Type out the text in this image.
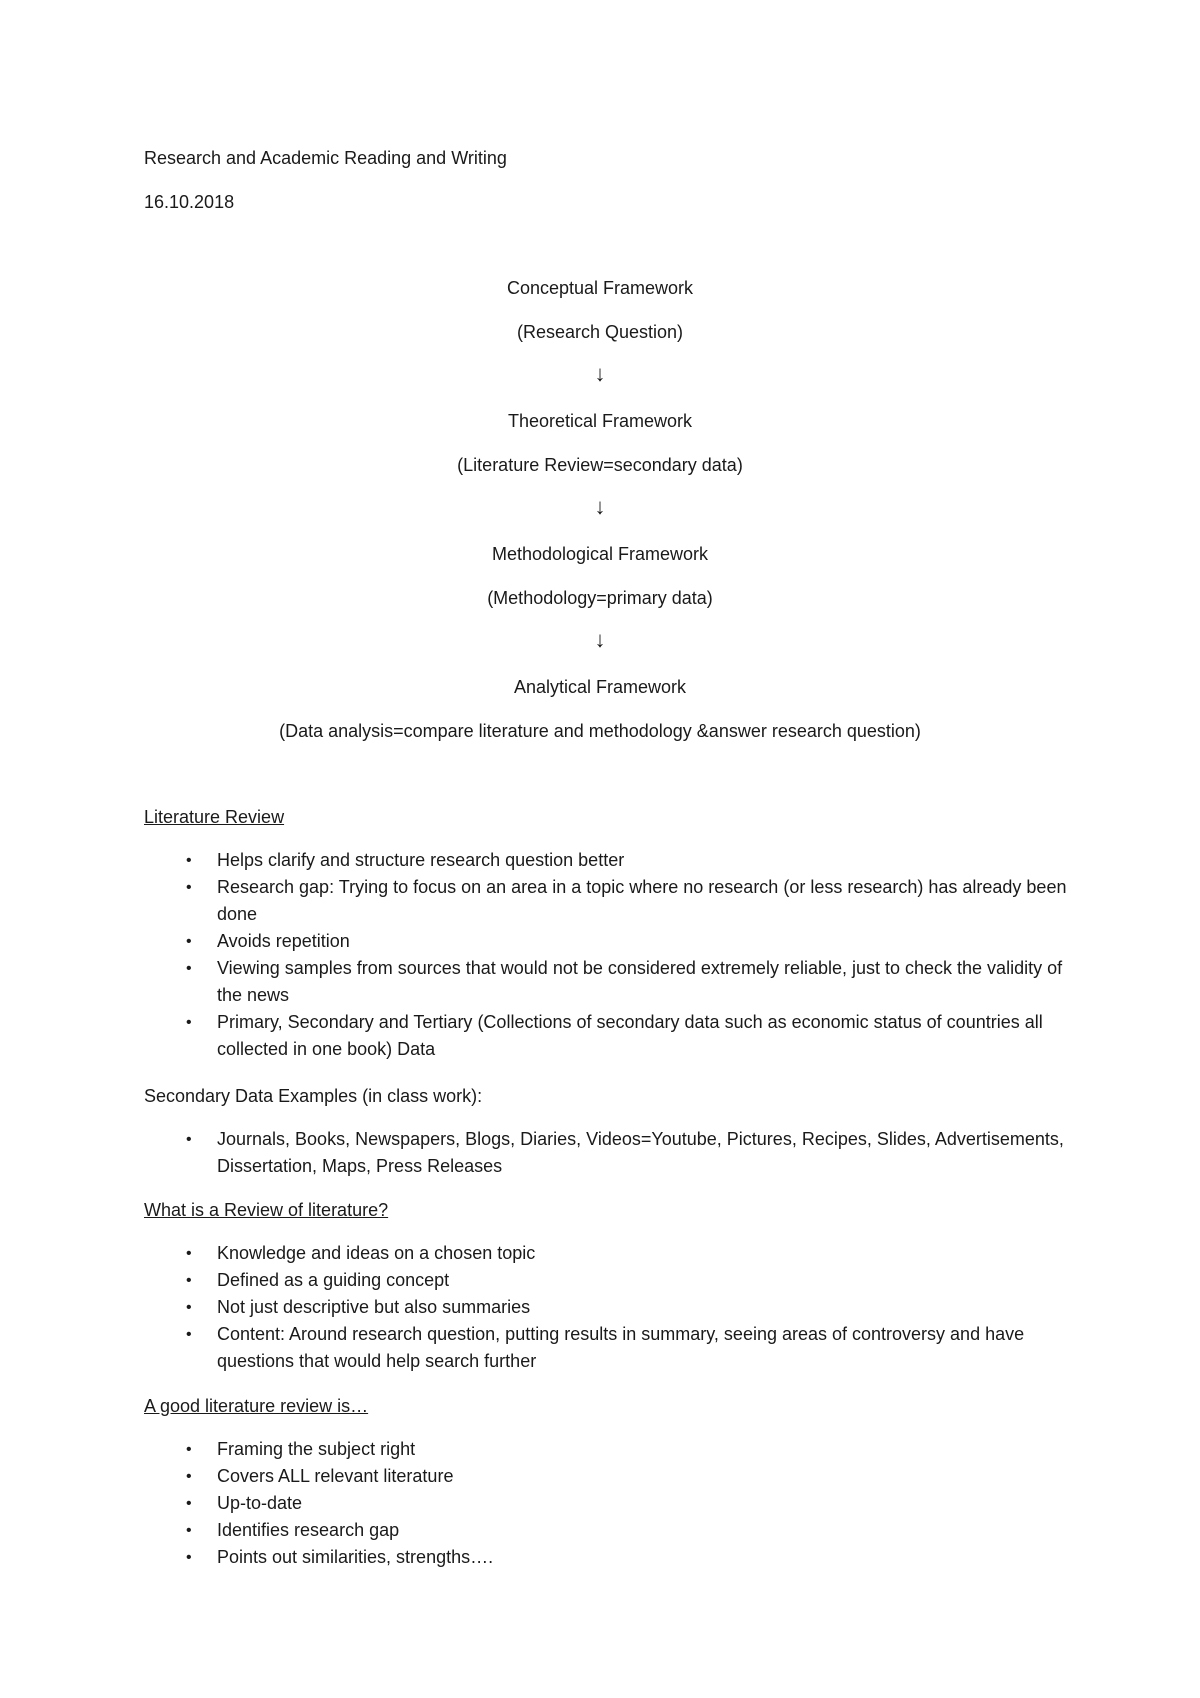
Research and Academic Reading and Writing
16.10.2018
Conceptual Framework
(Research Question)
↓
Theoretical Framework
(Literature Review=secondary data)
↓
Methodological Framework
(Methodology=primary data)
↓
Analytical Framework
(Data analysis=compare literature and methodology &answer research question)
Literature Review
• Helps clarify and structure research question better
• Research gap: Trying to focus on an area in a topic where no research (or less research) has already been done
• Avoids repetition
• Viewing samples from sources that would not be considered extremely reliable, just to check the validity of the news
• Primary, Secondary and Tertiary (Collections of secondary data such as economic status of countries all collected in one book) Data
Secondary Data Examples (in class work):
• Journals, Books, Newspapers, Blogs, Diaries, Videos=Youtube, Pictures, Recipes, Slides, Advertisements, Dissertation, Maps, Press Releases
What is a Review of literature?
• Knowledge and ideas on a chosen topic
• Defined as a guiding concept
• Not just descriptive but also summaries
• Content: Around research question, putting results in summary, seeing areas of controversy and have questions that would help search further
A good literature review is…
• Framing the subject right
• Covers ALL relevant literature
• Up-to-date
• Identifies research gap
• Points out similarities, strengths….
